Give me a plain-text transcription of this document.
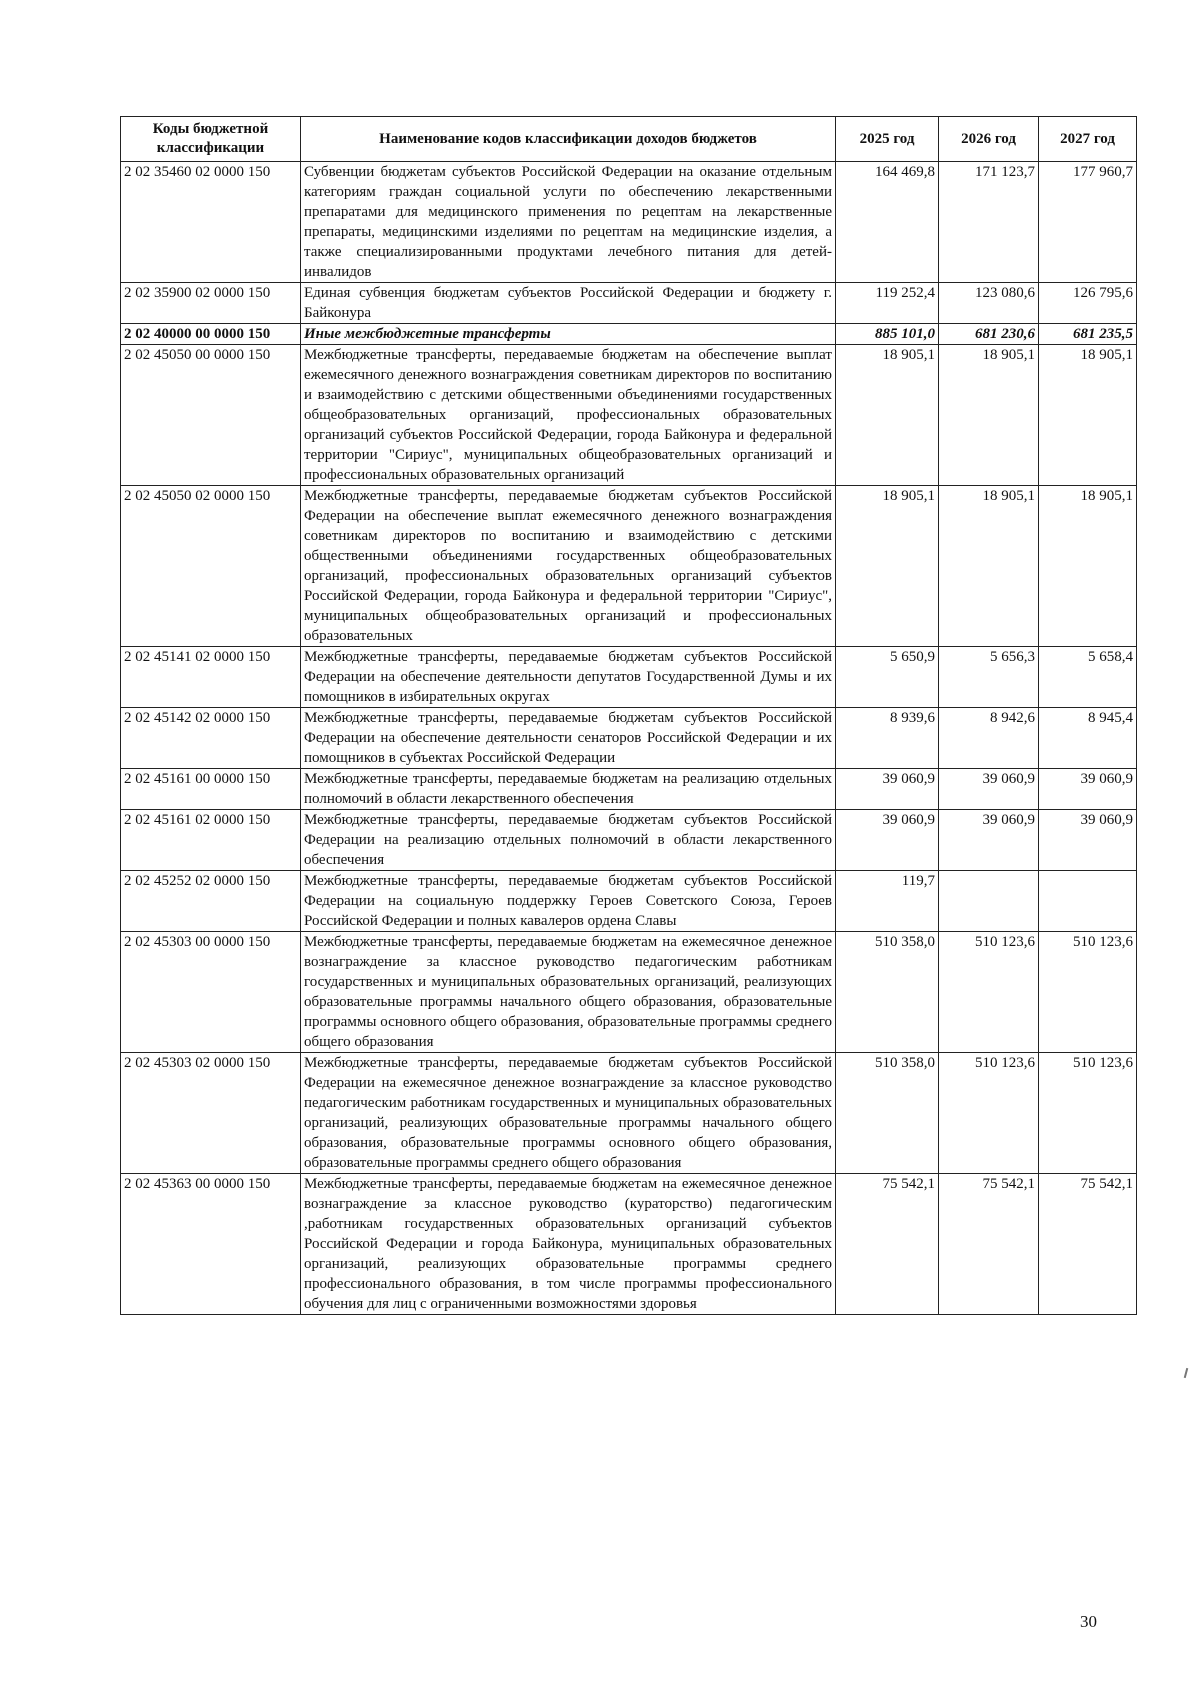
Коды бюджетной классификации	Наименование кодов классификации доходов бюджетов	2025 год	2026 год	2027 год
2 02 35460 02 0000 150	Субвенции бюджетам субъектов Российской Федерации на оказание отдельным категориям граждан социальной услуги по обеспечению лекарственными препаратами для медицинского применения по рецептам на лекарственные препараты, медицинскими изделиями по рецептам на медицинские изделия, а также специализированными продуктами лечебного питания для детей-инвалидов	164 469,8	171 123,7	177 960,7
2 02 35900 02 0000 150	Единая субвенция бюджетам субъектов Российской Федерации и бюджету г. Байконура	119 252,4	123 080,6	126 795,6
2 02 40000 00 0000 150	Иные межбюджетные трансферты	885 101,0	681 230,6	681 235,5
2 02 45050 00 0000 150	Межбюджетные трансферты, передаваемые бюджетам на обеспечение выплат ежемесячного денежного вознаграждения советникам директоров по воспитанию и взаимодействию с детскими общественными объединениями государственных общеобразовательных организаций, профессиональных образовательных организаций субъектов Российской Федерации, города Байконура и федеральной территории "Сириус", муниципальных общеобразовательных организаций и профессиональных образовательных организаций	18 905,1	18 905,1	18 905,1
2 02 45050 02 0000 150	Межбюджетные трансферты, передаваемые бюджетам субъектов Российской Федерации на обеспечение выплат ежемесячного денежного вознаграждения советникам директоров по воспитанию и взаимодействию с детскими общественными объединениями государственных общеобразовательных организаций, профессиональных образовательных организаций субъектов Российской Федерации, города Байконура и федеральной территории "Сириус", муниципальных общеобразовательных организаций и профессиональных образовательных	18 905,1	18 905,1	18 905,1
2 02 45141 02 0000 150	Межбюджетные трансферты, передаваемые бюджетам субъектов Российской Федерации на обеспечение деятельности депутатов Государственной Думы и их помощников в избирательных округах	5 650,9	5 656,3	5 658,4
2 02 45142 02 0000 150	Межбюджетные трансферты, передаваемые бюджетам субъектов Российской Федерации на обеспечение деятельности сенаторов Российской Федерации и их помощников в субъектах Российской Федерации	8 939,6	8 942,6	8 945,4
2 02 45161 00 0000 150	Межбюджетные трансферты, передаваемые бюджетам на реализацию отдельных полномочий в области лекарственного обеспечения	39 060,9	39 060,9	39 060,9
2 02 45161 02 0000 150	Межбюджетные трансферты, передаваемые бюджетам субъектов Российской Федерации на реализацию отдельных полномочий в области лекарственного обеспечения	39 060,9	39 060,9	39 060,9
2 02 45252 02 0000 150	Межбюджетные трансферты, передаваемые бюджетам субъектов Российской Федерации на социальную поддержку Героев Советского Союза, Героев Российской Федерации и полных кавалеров ордена Славы	119,7		
2 02 45303 00 0000 150	Межбюджетные трансферты, передаваемые бюджетам на ежемесячное денежное вознаграждение за классное руководство педагогическим работникам государственных и муниципальных образовательных организаций, реализующих образовательные программы начального общего образования, образовательные программы основного общего образования, образовательные программы среднего общего образования	510 358,0	510 123,6	510 123,6
2 02 45303 02 0000 150	Межбюджетные трансферты, передаваемые бюджетам субъектов Российской Федерации на ежемесячное денежное вознаграждение за классное руководство педагогическим работникам государственных и муниципальных образовательных организаций, реализующих образовательные программы начального общего образования, образовательные программы основного общего образования, образовательные программы среднего общего образования	510 358,0	510 123,6	510 123,6
2 02 45363 00 0000 150	Межбюджетные трансферты, передаваемые бюджетам на ежемесячное денежное вознаграждение за классное руководство (кураторство) педагогическим ,работникам государственных образовательных организаций субъектов Российской Федерации и города Байконура, муниципальных образовательных организаций, реализующих образовательные программы среднего профессионального образования, в том числе программы профессионального обучения для лиц с ограниченными возможностями здоровья	75 542,1	75 542,1	75 542,1
30
